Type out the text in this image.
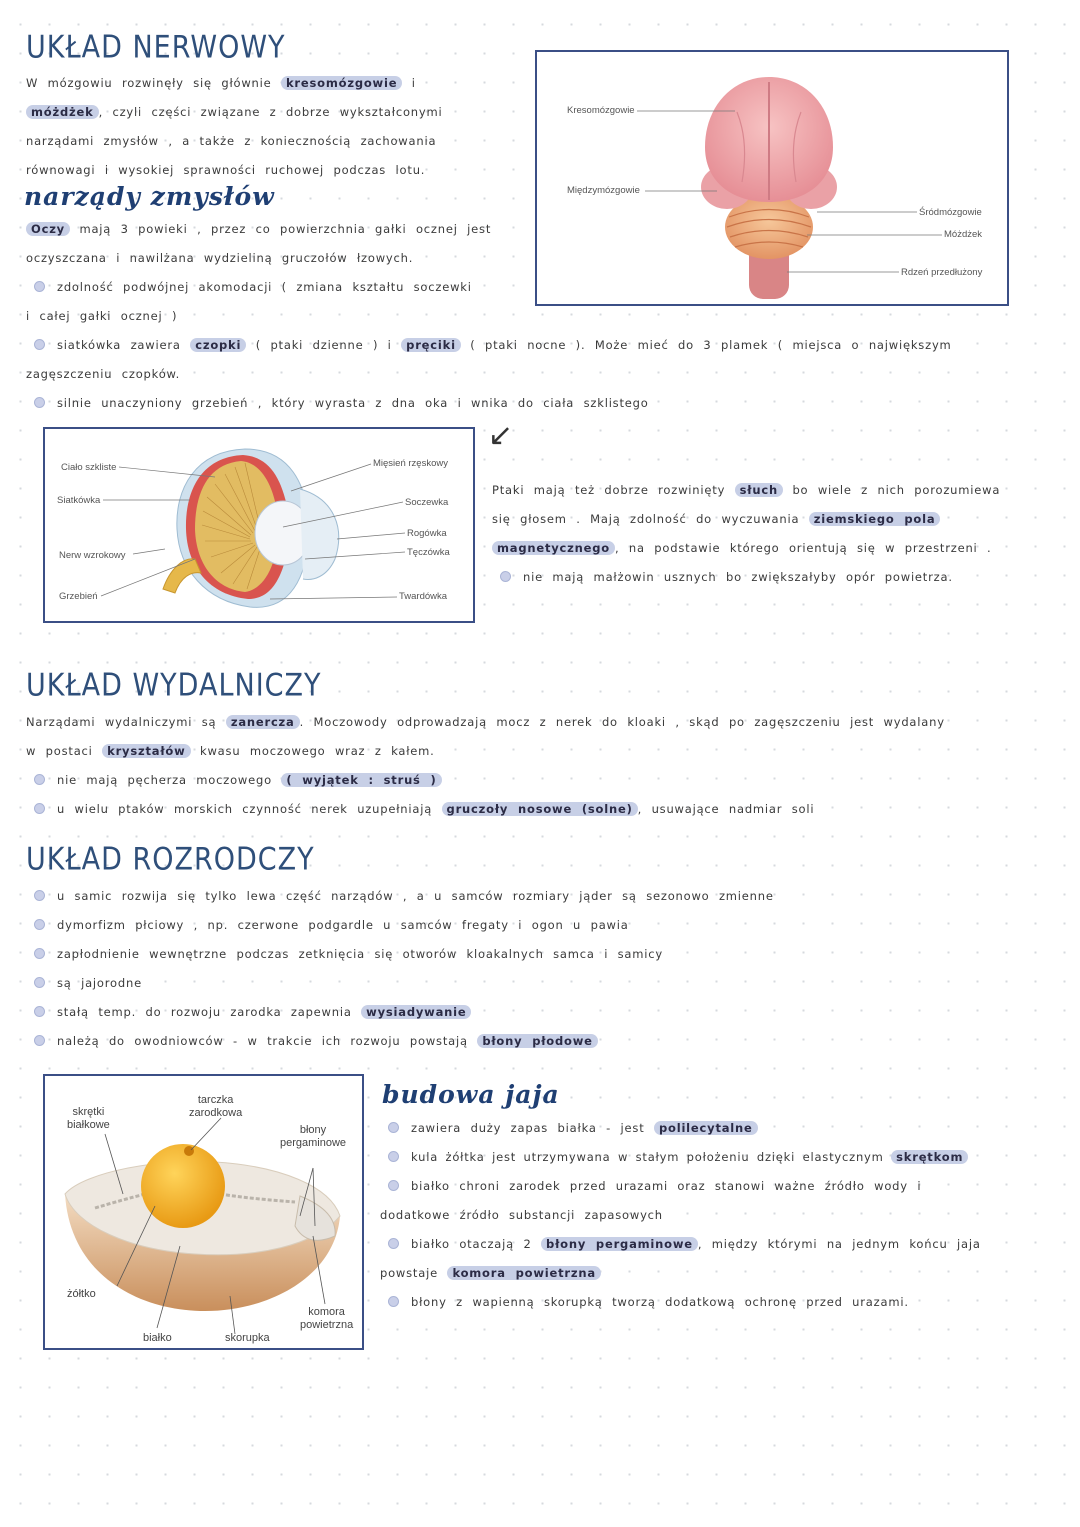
UKŁAD NERWOWY
W mózgowiu rozwinęły się głównie kresomózgowie i
móżdżek , czyli części związane z dobrze wykształconymi
narządami zmysłów , a także z koniecznością zachowania
równowagi i wysokiej sprawności ruchowej podczas lotu.
narządy zmysłów
Oczy mają 3 powieki , przez co powierzchnia gałki ocznej jest
oczyszczana i nawilżana wydzieliną gruczołów łzowych.
zdolność podwójnej akomodacji ( zmiana kształtu soczewki
i całej gałki ocznej )
siatkówka zawiera czopki ( ptaki dzienne ) i pręciki ( ptaki nocne ). Może mieć do 3 plamek ( miejsca o największym
zagęszczeniu czopków.
silnie unaczyniony grzebień , który wyrasta z dna oka i wnika do ciała szklistego
Kresomózgowie
Międzymózgowie
Śródmózgowie
Móżdżek
Rdzeń przedłużony
↙
Ciało szkliste
Siatkówka
Nerw wzrokowy
Grzebień
Mięsień rzęskowy
Soczewka
Rogówka
Tęczówka
Twardówka
Ptaki mają też dobrze rozwinięty słuch bo wiele z nich porozumiewa
się głosem . Mają zdolność do wyczuwania ziemskiego pola
magnetycznego , na podstawie którego orientują się w przestrzeni .
nie mają małżowin usznych bo zwiększałyby opór powietrza.
UKŁAD WYDALNICZY
Narządami wydalniczymi są zanercza . Moczowody odprowadzają mocz z nerek do kloaki , skąd po zagęszczeniu jest wydalany
w postaci kryształów kwasu moczowego wraz z kałem.
nie mają pęcherza moczowego ( wyjątek : struś )
u wielu ptaków morskich czynność nerek uzupełniają gruczoły nosowe (solne) , usuwające nadmiar soli
UKŁAD ROZRODCZY
u samic rozwija się tylko lewa część narządów , a u samców rozmiary jąder są sezonowo zmienne
dymorfizm płciowy , np. czerwone podgardle u samców fregaty i ogon u pawia
zapłodnienie wewnętrzne podczas zetknięcia się otworów kloakalnych samca i samicy
są jajorodne
stałą temp. do rozwoju zarodka zapewnia wysiadywanie
należą do owodniowców - w trakcie ich rozwoju powstają błony płodowe
skrętki
białkowe
tarczka
zarodkowa
błony
pergaminowe
żółtko
białko	skorupka
komora
powietrzna
budowa jaja
zawiera duży zapas białka - jest polilecytalne
kula żółtka jest utrzymywana w stałym położeniu dzięki elastycznym skrętkom
białko chroni zarodek przed urazami oraz stanowi ważne źródło wody i
dodatkowe źródło substancji zapasowych
białko otaczają 2 błony pergaminowe , między którymi na jednym końcu jaja
powstaje komora powietrzna
błony z wapienną skorupką tworzą dodatkową ochronę przed urazami.
